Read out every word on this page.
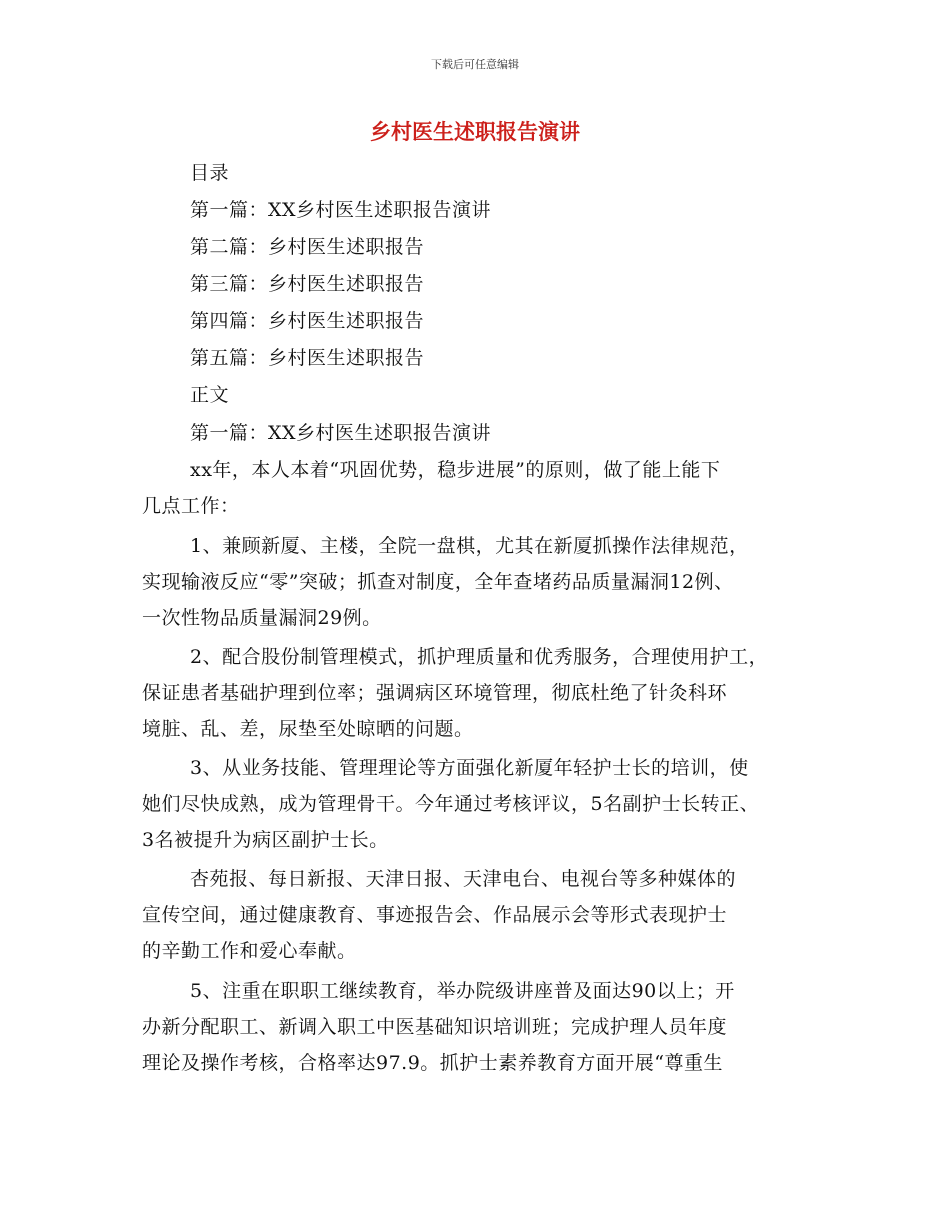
下载后可任意编辑
乡村医生述职报告演讲
目录
第一篇：XX乡村医生述职报告演讲
第二篇：乡村医生述职报告
第三篇：乡村医生述职报告
第四篇：乡村医生述职报告
第五篇：乡村医生述职报告
正文
第一篇：XX乡村医生述职报告演讲
xx年，本人本着“巩固优势，稳步进展”的原则，做了能上能下
几点工作：
1、兼顾新厦、主楼，全院一盘棋，尤其在新厦抓操作法律规范，
实现输液反应“零”突破；抓查对制度，全年查堵药品质量漏洞12例、
一次性物品质量漏洞29例。
2、配合股份制管理模式，抓护理质量和优秀服务，合理使用护工，
保证患者基础护理到位率；强调病区环境管理，彻底杜绝了针灸科环
境脏、乱、差，尿垫至处晾晒的问题。
3、从业务技能、管理理论等方面强化新厦年轻护士长的培训，使
她们尽快成熟，成为管理骨干。今年通过考核评议，5名副护士长转正、
3名被提升为病区副护士长。
杏苑报、每日新报、天津日报、天津电台、电视台等多种媒体的
宣传空间，通过健康教育、事迹报告会、作品展示会等形式表现护士
的辛勤工作和爱心奉献。
5、注重在职职工继续教育，举办院级讲座普及面达90以上；开
办新分配职工、新调入职工中医基础知识培训班；完成护理人员年度
理论及操作考核，合格率达97.9。抓护士素养教育方面开展“尊重生
